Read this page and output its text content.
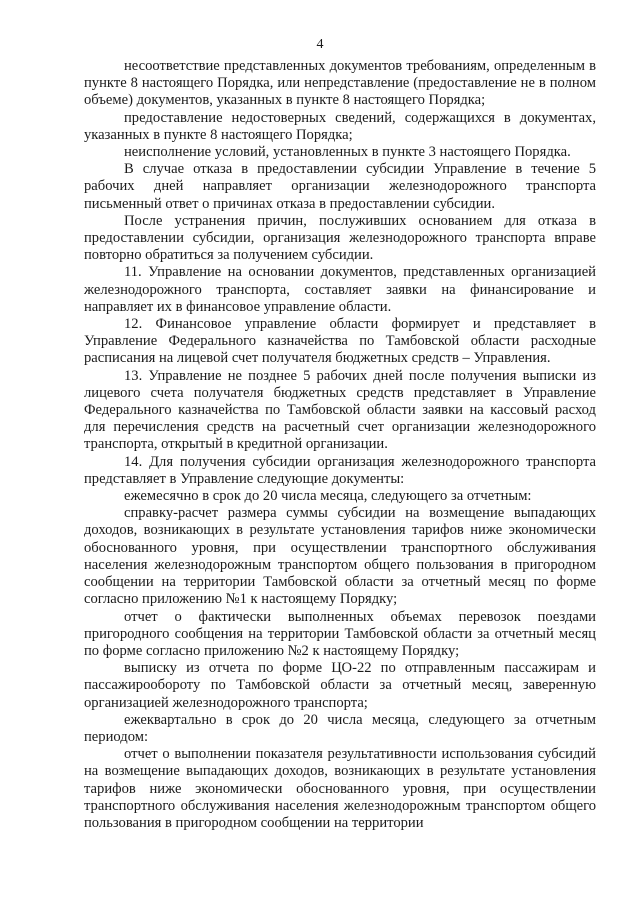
4

несоответствие представленных документов требованиям, определенным в пункте 8 настоящего Порядка, или непредставление (предоставление не в полном объеме) документов, указанных в пункте 8 настоящего Порядка;

предоставление недостоверных сведений, содержащихся в документах, указанных в пункте 8 настоящего Порядка;

неисполнение условий, установленных в пункте 3 настоящего Порядка.

В случае отказа в предоставлении субсидии Управление в течение 5 рабочих дней направляет организации железнодорожного транспорта письменный ответ о причинах отказа в предоставлении субсидии.

После устранения причин, послуживших основанием для отказа в предоставлении субсидии, организация железнодорожного транспорта вправе повторно обратиться за получением субсидии.

11. Управление на основании документов, представленных организацией железнодорожного транспорта, составляет заявки на финансирование и направляет их в финансовое управление области.

12. Финансовое управление области формирует и представляет в Управление Федерального казначейства по Тамбовской области расходные расписания на лицевой счет получателя бюджетных средств – Управления.

13. Управление не позднее 5 рабочих дней после получения выписки из лицевого счета получателя бюджетных средств представляет в Управление Федерального казначейства по Тамбовской области заявки на кассовый расход для перечисления средств на расчетный счет организации железнодорожного транспорта, открытый в кредитной организации.

14. Для получения субсидии организация железнодорожного транспорта представляет в Управление следующие документы:

ежемесячно в срок до 20 числа месяца, следующего за отчетным:

справку-расчет размера суммы субсидии на возмещение выпадающих доходов, возникающих в результате установления тарифов ниже экономически обоснованного уровня, при осуществлении транспортного обслуживания населения железнодорожным транспортом общего пользования в пригородном сообщении на территории Тамбовской области за отчетный месяц по форме согласно приложению №1 к настоящему Порядку;

отчет о фактически выполненных объемах перевозок поездами пригородного сообщения на территории Тамбовской области за отчетный месяц по форме согласно приложению №2 к настоящему Порядку;

выписку из отчета по форме ЦО-22 по отправленным пассажирам и пассажирообороту по Тамбовской области за отчетный месяц, заверенную организацией железнодорожного транспорта;

ежеквартально в срок до 20 числа месяца, следующего за отчетным периодом:

отчет о выполнении показателя результативности использования субсидий на возмещение выпадающих доходов, возникающих в результате установления тарифов ниже экономически обоснованного уровня, при осуществлении транспортного обслуживания населения железнодорожным транспортом общего пользования в пригородном сообщении на территории
